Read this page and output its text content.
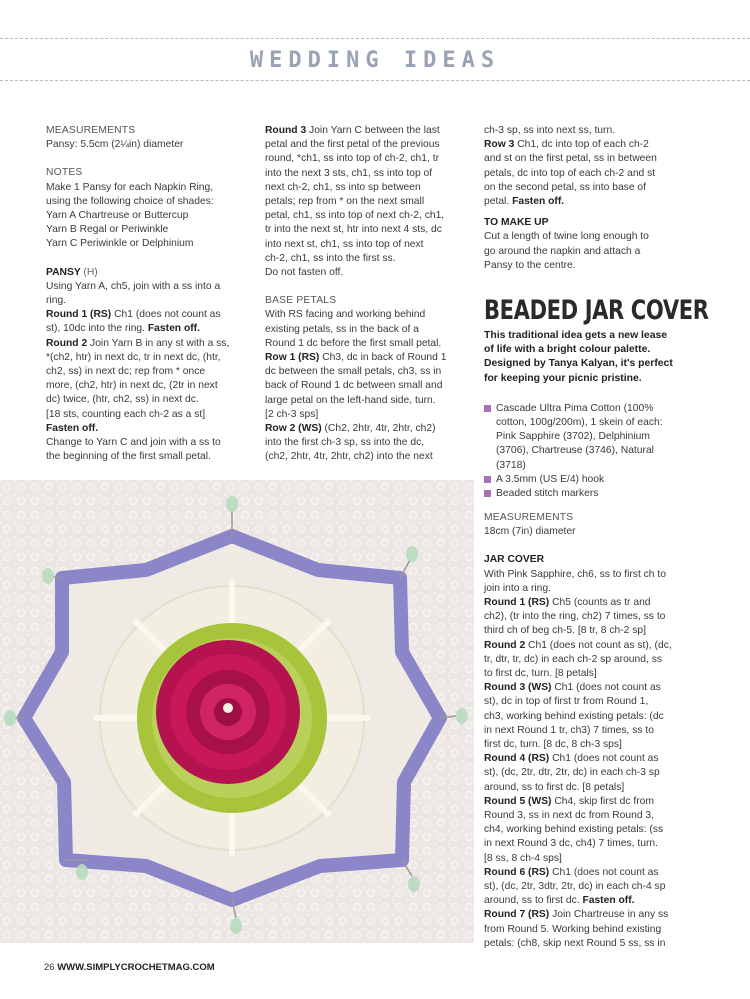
WEDDING IDEAS
MEASUREMENTS
Pansy: 5.5cm (2¼in) diameter
NOTES
Make 1 Pansy for each Napkin Ring,
using the following choice of shades:
Yarn A Chartreuse or Buttercup
Yarn B Regal or Periwinkle
Yarn C Periwinkle or Delphinium
PANSY (H)
Using Yarn A, ch5, join with a ss into a
ring.
Round 1 (RS) Ch1 (does not count as
st), 10dc into the ring. Fasten off.
Round 2 Join Yarn B in any st with a ss,
*(ch2, htr) in next dc, tr in next dc, (htr,
ch2, ss) in next dc; rep from * once
more, (ch2, htr) in next dc, (2tr in next
dc) twice, (htr, ch2, ss) in next dc.
[18 sts, counting each ch-2 as a st]
Fasten off.
Change to Yarn C and join with a ss to
the beginning of the first small petal.
Round 3 Join Yarn C between the last
petal and the first petal of the previous
round, *ch1, ss into top of ch-2, ch1, tr
into the next 3 sts, ch1, ss into top of
next ch-2, ch1, ss into sp between
petals; rep from * on the next small
petal, ch1, ss into top of next ch-2, ch1,
tr into the next st, htr into next 4 sts, dc
into next st, ch1, ss into top of next
ch-2, ch1, ss into the first ss.
Do not fasten off.
BASE PETALS
With RS facing and working behind
existing petals, ss in the back of a
Round 1 dc before the first small petal.
Row 1 (RS) Ch3, dc in back of Round 1
dc between the small petals, ch3, ss in
back of Round 1 dc between small and
large petal on the left-hand side, turn.
[2 ch-3 sps]
Row 2 (WS) (Ch2, 2htr, 4tr, 2htr, ch2)
into the first ch-3 sp, ss into the dc,
(ch2, 2htr, 4tr, 2htr, ch2) into the next
ch-3 sp, ss into next ss, turn.
Row 3 Ch1, dc into top of each ch-2
and st on the first petal, ss in between
petals, dc into top of each ch-2 and st
on the second petal, ss into base of
petal. Fasten off.
TO MAKE UP
Cut a length of twine long enough to
go around the napkin and attach a
Pansy to the centre.
BEADED JAR COVER
This traditional idea gets a new lease
of life with a bright colour palette.
Designed by Tanya Kalyan, it's perfect
for keeping your picnic pristine.
Cascade Ultra Pima Cotton (100%
cotton, 100g/200m), 1 skein of each:
Pink Sapphire (3702), Delphinium
(3706), Chartreuse (3746), Natural
(3718)
A 3.5mm (US E/4) hook
Beaded stitch markers
MEASUREMENTS
18cm (7in) diameter
JAR COVER
With Pink Sapphire, ch6, ss to first ch to
join into a ring.
Round 1 (RS) Ch5 (counts as tr and
ch2), (tr into the ring, ch2) 7 times, ss to
third ch of beg ch-5. [8 tr, 8 ch-2 sp]
Round 2 Ch1 (does not count as st), (dc,
tr, dtr, tr, dc) in each ch-2 sp around, ss
to first dc, turn. [8 petals]
Round 3 (WS) Ch1 (does not count as
st), dc in top of first tr from Round 1,
ch3, working behind existing petals: (dc
in next Round 1 tr, ch3) 7 times, ss to
first dc, turn. [8 dc, 8 ch-3 sps]
Round 4 (RS) Ch1 (does not count as
st), (dc, 2tr, dtr, 2tr, dc) in each ch-3 sp
around, ss to first dc. [8 petals]
Round 5 (WS) Ch4, skip first dc from
Round 3, ss in next dc from Round 3,
ch4, working behind existing petals: (ss
in next Round 3 dc, ch4) 7 times, turn.
[8 ss, 8 ch-4 sps]
Round 6 (RS) Ch1 (does not count as
st), (dc, 2tr, 3dtr, 2tr, dc) in each ch-4 sp
around, ss to first dc. Fasten off.
Round 7 (RS) Join Chartreuse in any ss
from Round 5. Working behind existing
petals: (ch8, skip next Round 5 ss, ss in
26 WWW.SIMPLYCROCHETMAG.COM
